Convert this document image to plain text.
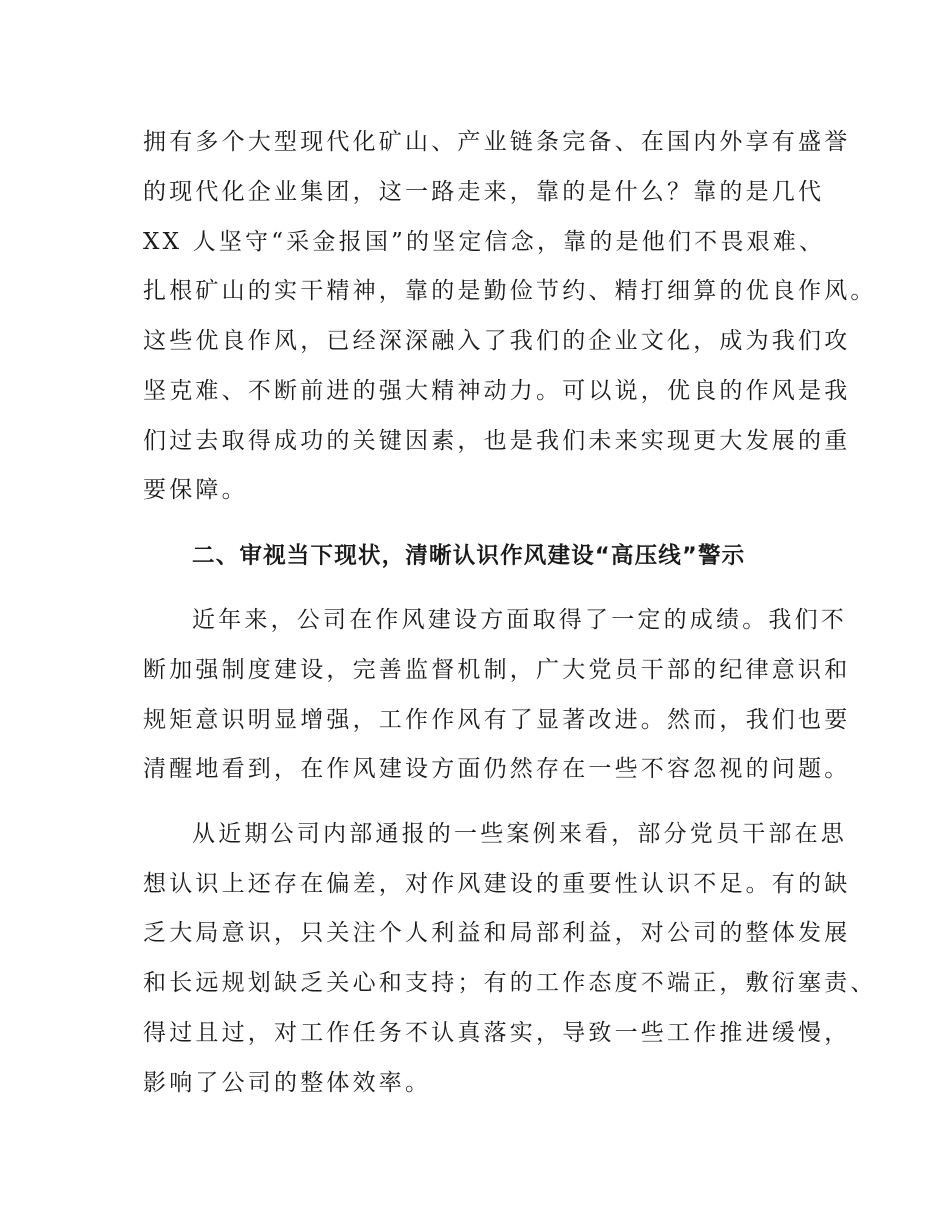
拥有多个大型现代化矿山、产业链条完备、在国内外享有盛誉
的现代化企业集团，这一路走来，靠的是什么？靠的是几代
XX 人坚守“采金报国”的坚定信念，靠的是他们不畏艰难、
扎根矿山的实干精神，靠的是勤俭节约、精打细算的优良作风。
这些优良作风，已经深深融入了我们的企业文化，成为我们攻
坚克难、不断前进的强大精神动力。可以说，优良的作风是我
们过去取得成功的关键因素，也是我们未来实现更大发展的重
要保障。
二、审视当下现状，清晰认识作风建设“高压线”警示
近年来，公司在作风建设方面取得了一定的成绩。我们不
断加强制度建设，完善监督机制，广大党员干部的纪律意识和
规矩意识明显增强，工作作风有了显著改进。然而，我们也要
清醒地看到，在作风建设方面仍然存在一些不容忽视的问题。
从近期公司内部通报的一些案例来看，部分党员干部在思
想认识上还存在偏差，对作风建设的重要性认识不足。有的缺
乏大局意识，只关注个人利益和局部利益，对公司的整体发展
和长远规划缺乏关心和支持；有的工作态度不端正，敷衍塞责、
得过且过，对工作任务不认真落实，导致一些工作推进缓慢，
影响了公司的整体效率。
